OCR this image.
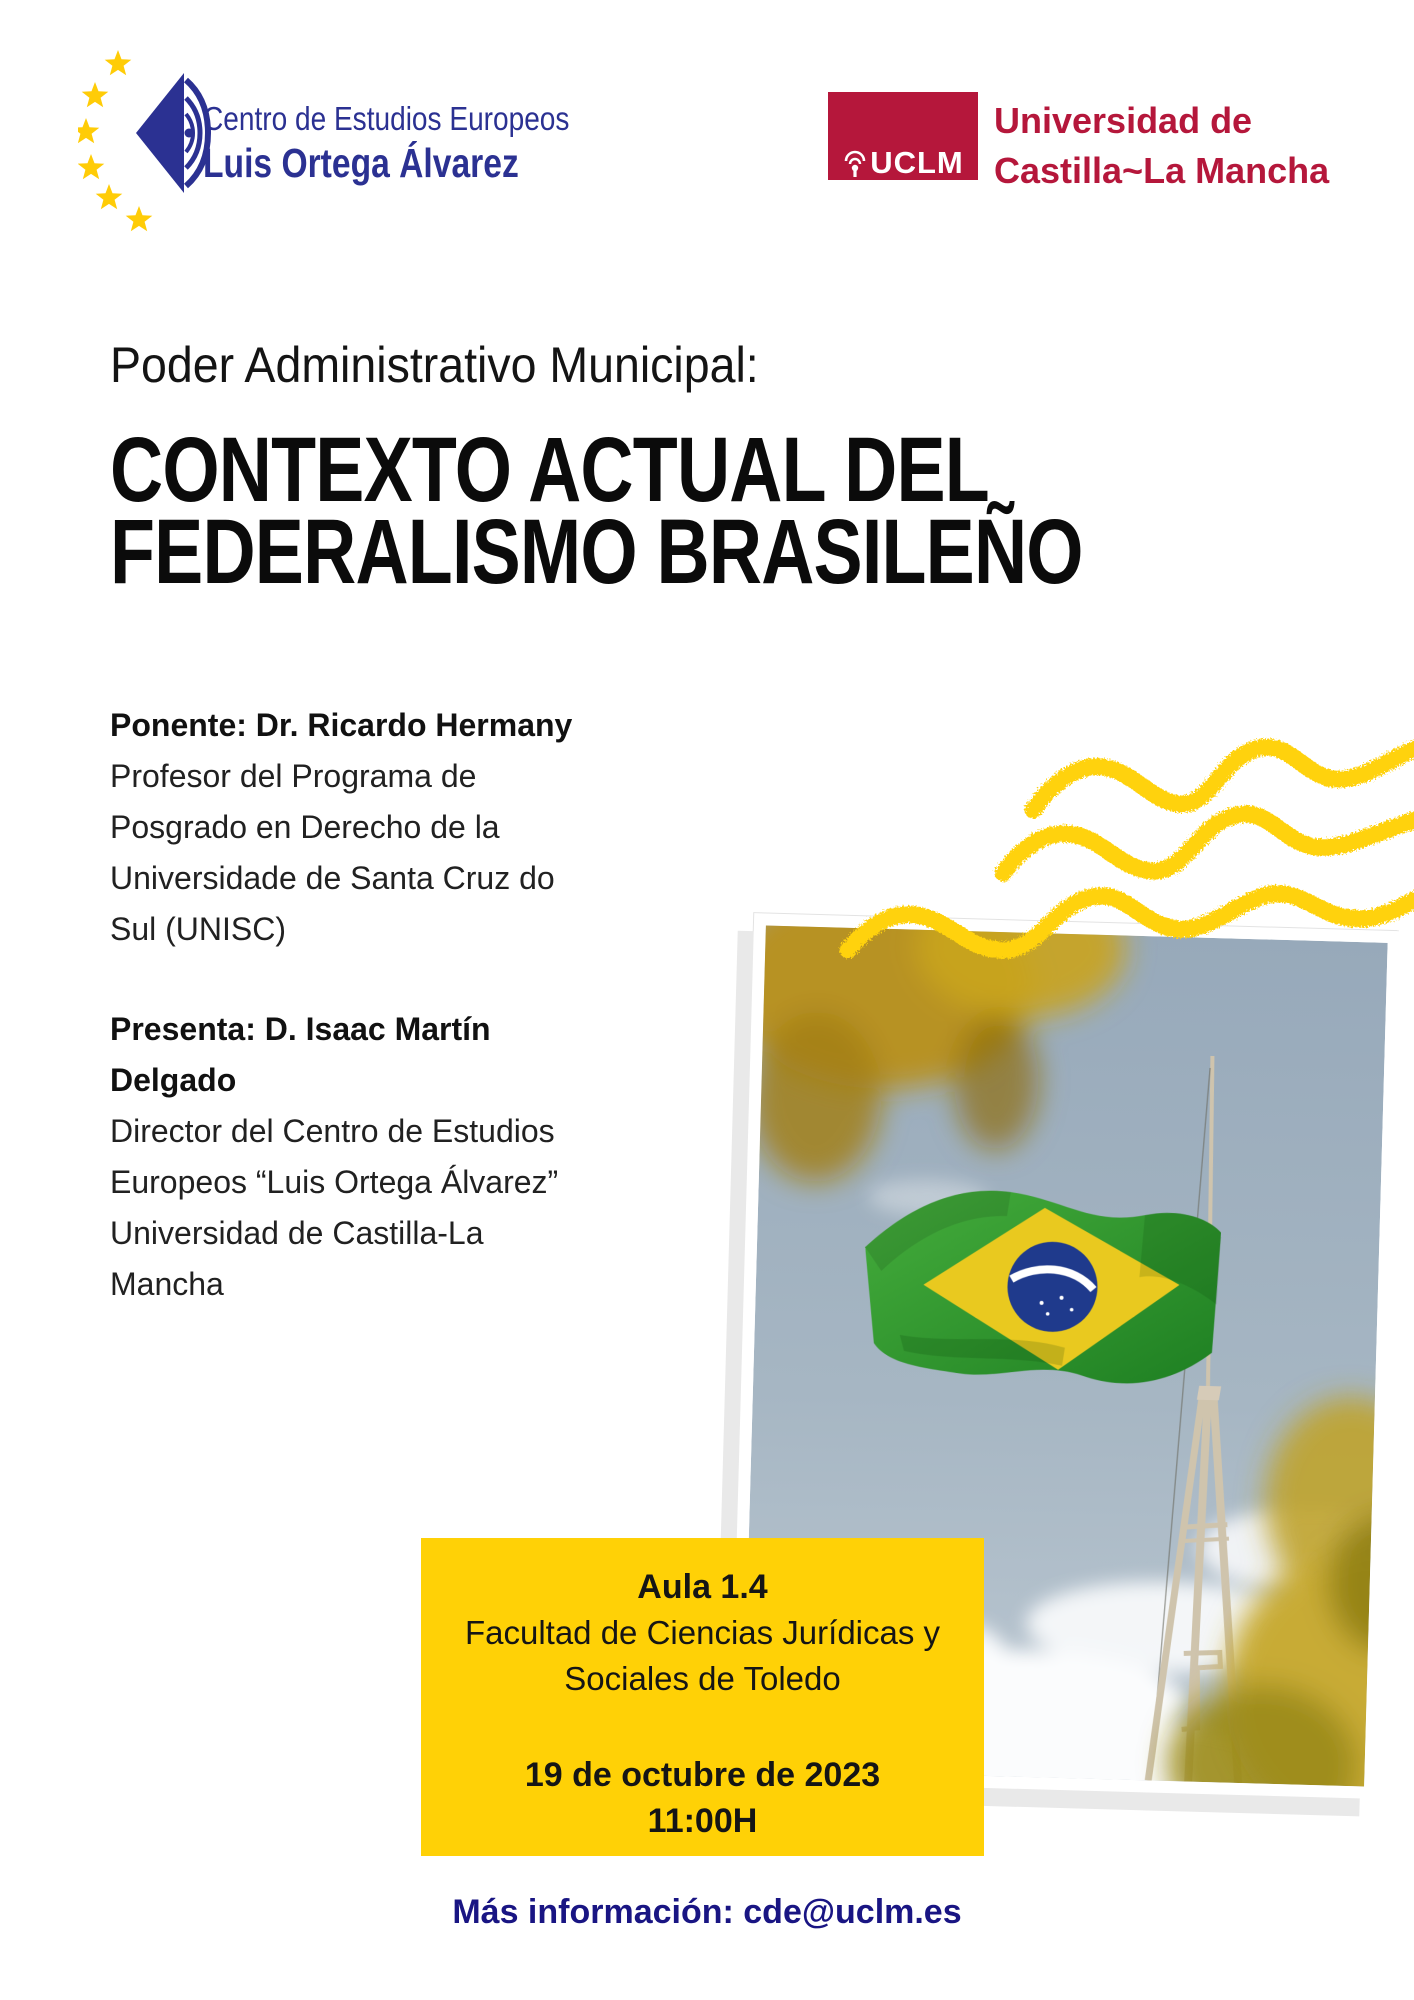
Centro de Estudios Europeos
Luis Ortega Álvarez	UCLM
Universidad de
Castilla~La Mancha
Poder Administrativo Municipal:
CONTEXTO ACTUAL DEL
FEDERALISMO BRASILEÑO
Ponente: Dr. Ricardo Hermany
Profesor del Programa de
Posgrado en Derecho de la
Universidade de Santa Cruz do
Sul (UNISC)
Presenta: D. Isaac Martín
Delgado
Director del Centro de Estudios
Europeos “Luis Ortega Álvarez”
Universidad de Castilla-La
Mancha
Aula 1.4
Facultad de Ciencias Jurídicas y
Sociales de Toledo
19 de octubre de 2023
11:00H
Más información: cde@uclm.es
